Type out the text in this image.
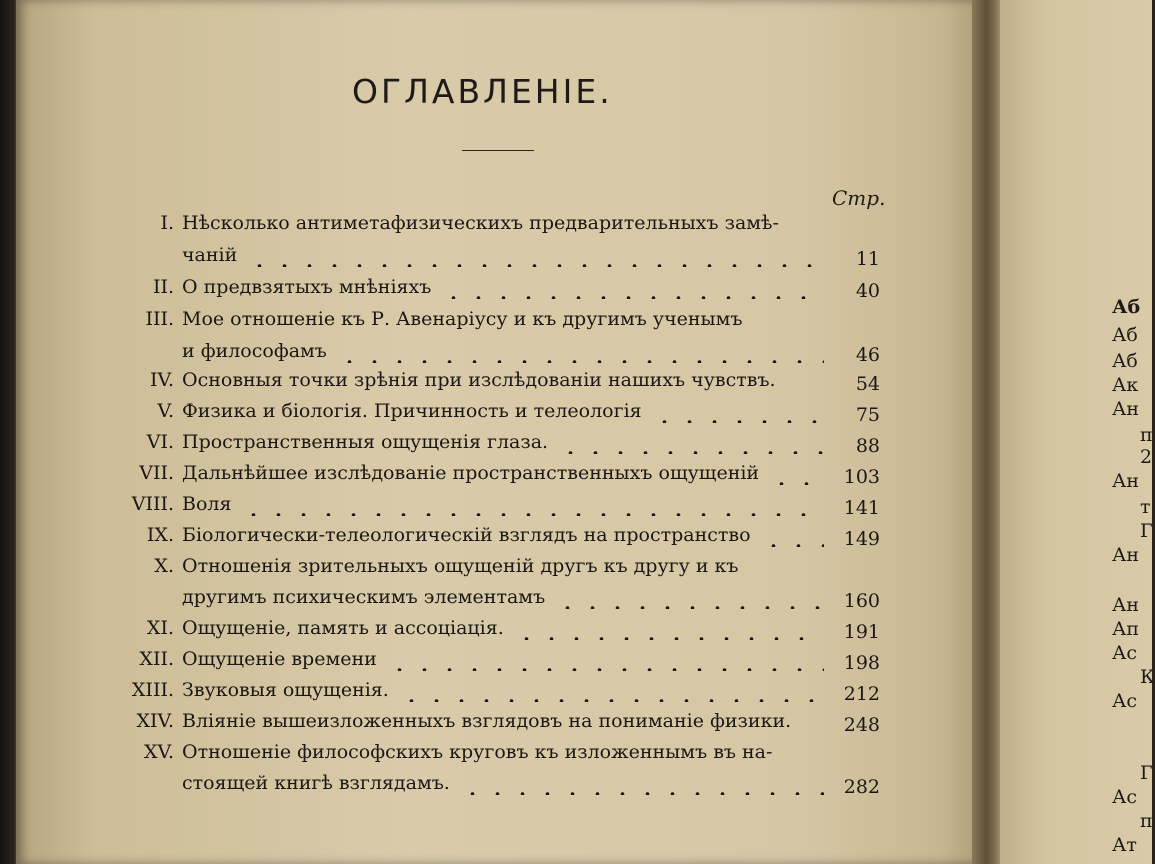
ОГЛАВЛЕНІЕ.
Стр.
I. Нѣсколько антиметафизическихъ предварительныхъ замѣ-
чаній	11
II. О предвзятыхъ мнѣніяхъ	40
III. Мое отношеніе къ Р. Авенаріусу и къ другимъ ученымъ
и философамъ	46
IV. Основныя точки зрѣнія при изслѣдованіи нашихъ чувствъ.	54
V. Физика и біологія. Причинность и телеологія	75
VI. Пространственныя ощущенія глаза.	88
VII. Дальнѣйшее изслѣдованіе пространственныхъ ощущеній	103
VIII. Воля	141
IX. Біологически-телеологическій взглядъ на пространство	149
X. Отношенія зрительныхъ ощущеній другъ къ другу и къ
другимъ психическимъ элементамъ	160
XI. Ощущеніе, память и ассоціація.	191
XII. Ощущеніе времени	198
XIII. Звуковыя ощущенія.	212
XIV. Вліяніе вышеизложенныхъ взглядовъ на пониманіе физики.	248
XV. Отношеніе философскихъ круговъ къ изложеннымъ въ на-
стоящей книгѣ взглядамъ.	282
Аб
Аб
Аб
Ак
Ан
п
2
Ан
т
Г
Ан
Ан
Ап
Ас
К
Ас
Г
Ас
п
Ат
